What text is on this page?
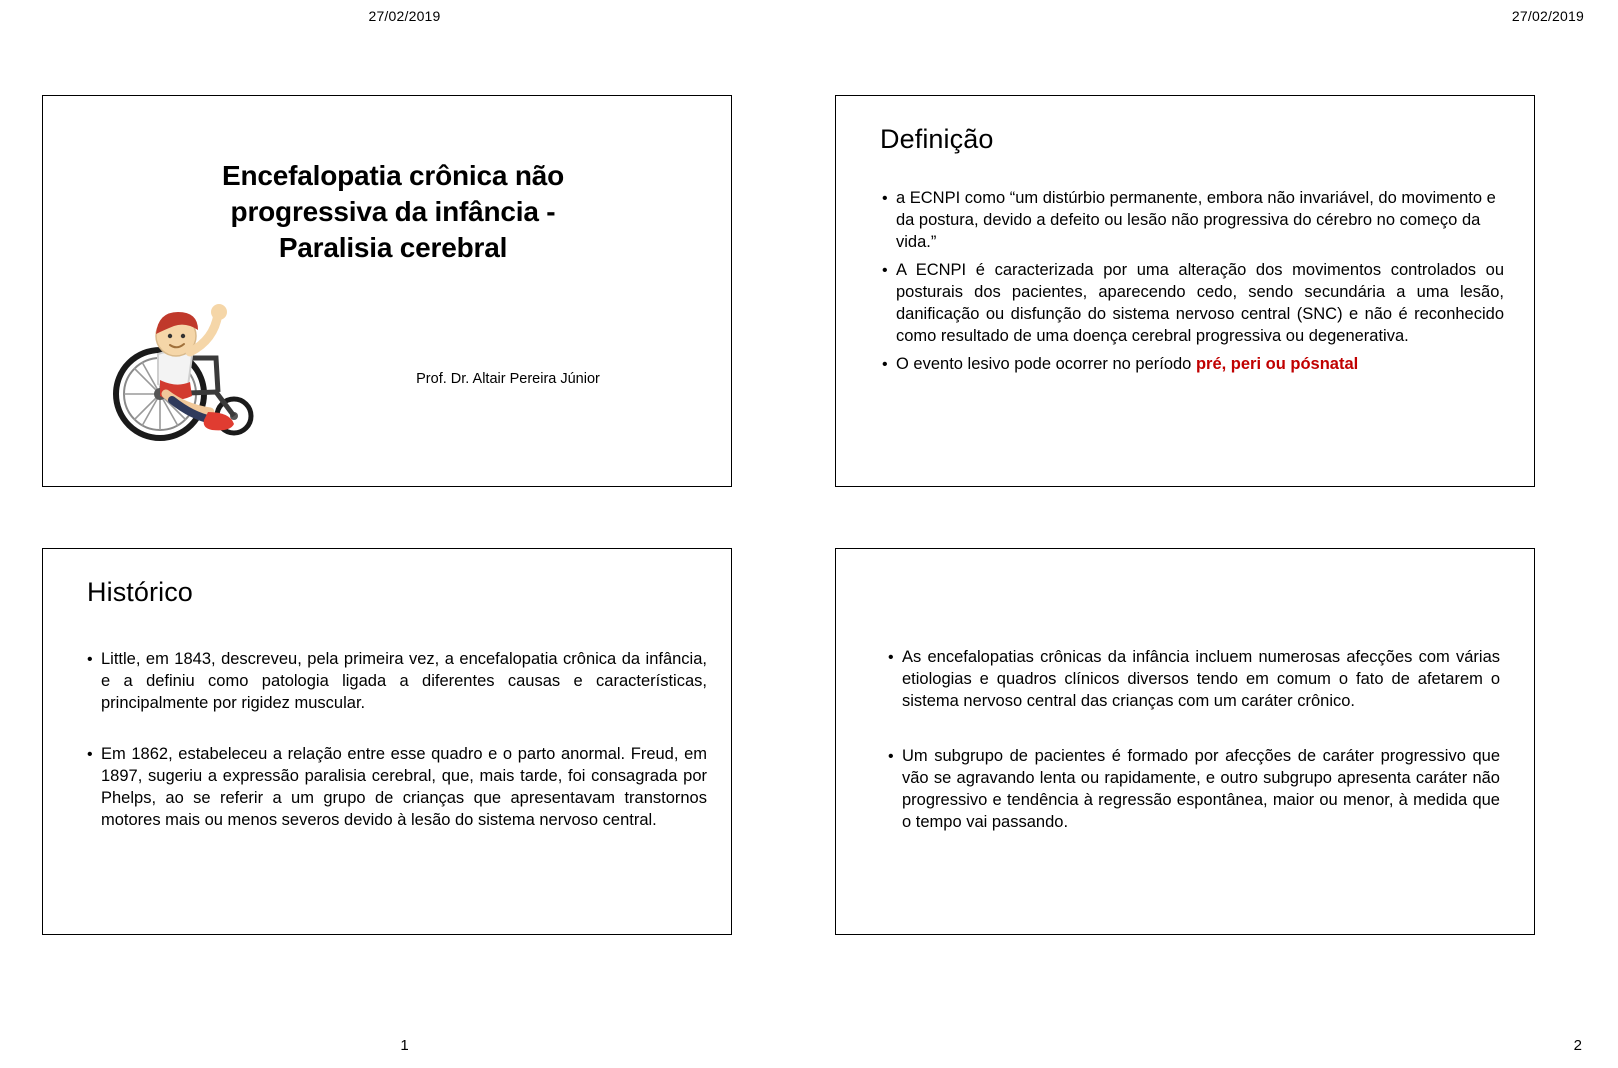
27/02/2019
Encefalopatia crônica não
progressiva da infância -
Paralisia cerebral
Prof. Dr. Altair Pereira Júnior
Histórico
• Little, em 1843, descreveu, pela primeira vez, a encefalopatia crônica da infância, e a definiu como patologia ligada a diferentes causas e características, principalmente por rigidez muscular.
• Em 1862, estabeleceu a relação entre esse quadro e o parto anormal. Freud, em 1897, sugeriu a expressão paralisia cerebral, que, mais tarde, foi consagrada por Phelps, ao se referir a um grupo de crianças que apresentavam transtornos motores mais ou menos severos devido à lesão do sistema nervoso central.
1
27/02/2019
Definição
• a ECNPI como “um distúrbio permanente, embora não invariável, do movimento e da postura, devido a defeito ou lesão não progressiva do cérebro no começo da vida.”
• A ECNPI é caracterizada por uma alteração dos movimentos controlados ou posturais dos pacientes, aparecendo cedo, sendo secundária a uma lesão, danificação ou disfunção do sistema nervoso central (SNC) e não é reconhecido como resultado de uma doença cerebral progressiva ou degenerativa.
• O evento lesivo pode ocorrer no período pré, peri ou pósnatal
• As encefalopatias crônicas da infância incluem numerosas afecções com várias etiologias e quadros clínicos diversos tendo em comum o fato de afetarem o sistema nervoso central das crianças com um caráter crônico.
• Um subgrupo de pacientes é formado por afecções de caráter progressivo que vão se agravando lenta ou rapidamente, e outro subgrupo apresenta caráter não progressivo e tendência à regressão espontânea, maior ou menor, à medida que o tempo vai passando.
2
